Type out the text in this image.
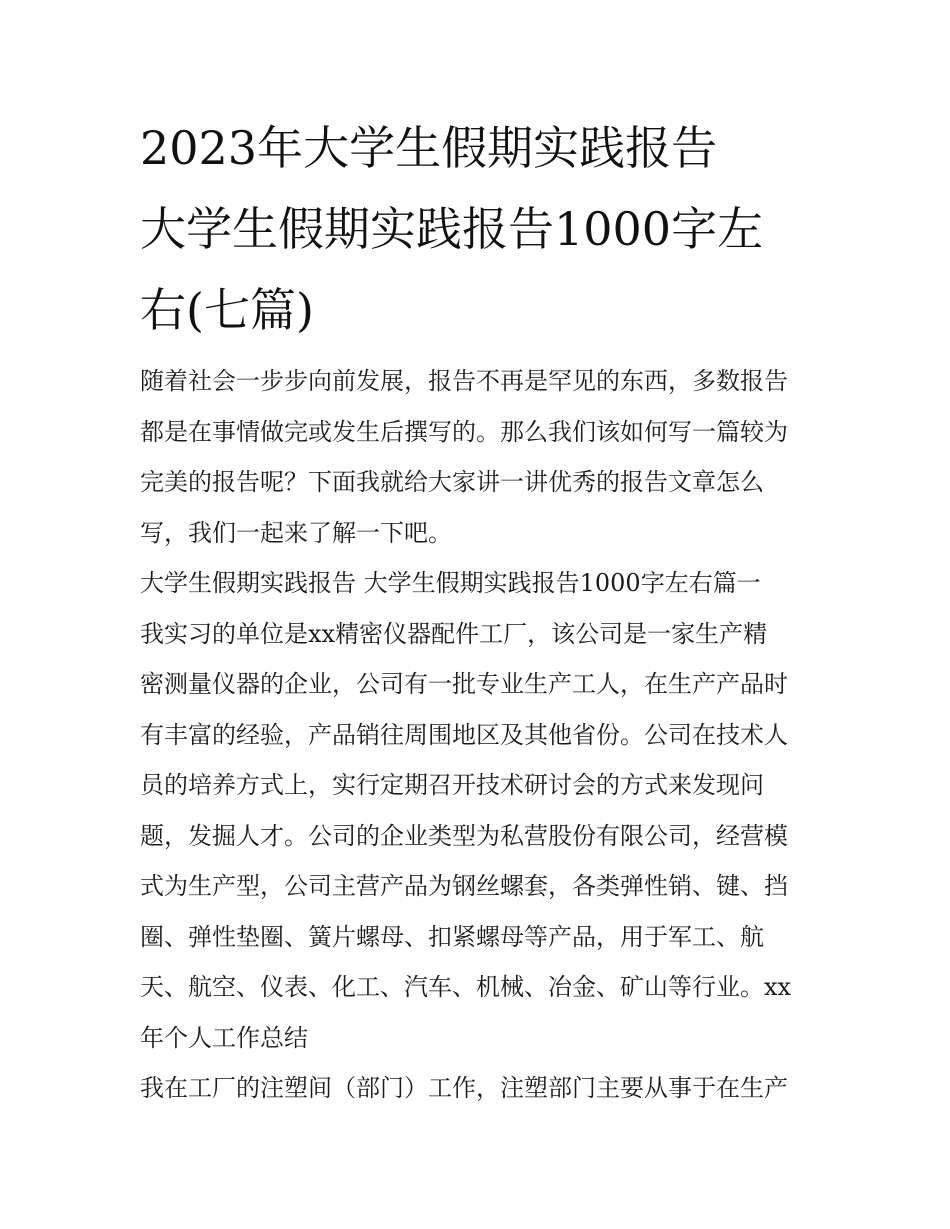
2023年大学生假期实践报告
大学生假期实践报告1000字左
右(七篇)

随着社会一步步向前发展，报告不再是罕见的东西，多数报告

都是在事情做完或发生后撰写的。那么我们该如何写一篇较为

完美的报告呢？下面我就给大家讲一讲优秀的报告文章怎么

写，我们一起来了解一下吧。

大学生假期实践报告 大学生假期实践报告1000字左右篇一

我实习的单位是xx精密仪器配件工厂，该公司是一家生产精

密测量仪器的企业，公司有一批专业生产工人，在生产产品时

有丰富的经验，产品销往周围地区及其他省份。公司在技术人

员的培养方式上，实行定期召开技术研讨会的方式来发现问

题，发掘人才。公司的企业类型为私营股份有限公司，经营模

式为生产型，公司主营产品为钢丝螺套，各类弹性销、键、挡

圈、弹性垫圈、簧片螺母、扣紧螺母等产品，用于军工、航

天、航空、仪表、化工、汽车、机械、冶金、矿山等行业。xx

年个人工作总结

我在工厂的注塑间（部门）工作，注塑部门主要从事于在生产
